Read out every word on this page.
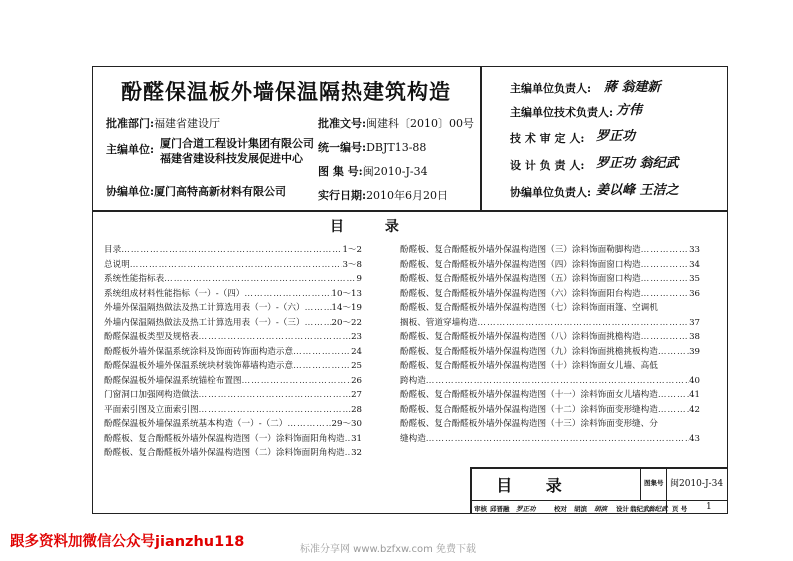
酚醛保温板外墙保温隔热建筑构造
批准部门:福建省建设厅
主编单位: 厦门合道工程设计集团有限公司
福建省建设科技发展促进中心
协编单位:厦门高特高新材料有限公司
批准文号:闽建科〔2010〕00号
统一编号:DBJT13-88
图 集 号:闽2010-J-34
实行日期:2010年6月20日
主编单位负责人: 蔣 翁建新
主编单位技术负责人: 方伟
技 术 审 定 人: 罗正功
设 计 负 责 人: 罗正功 翁纪武
协编单位负责人: 姜以峰 王洁之
目 录
目录 ……………………………………………………………………………………………………………………………………………………	1～2
总说明 ……………………………………………………………………………………………………………………………………………………	3～8
系统性能指标表 ……………………………………………………………………………………………………………………………………………………	9
系统组成材料性能指标（一）-（四） ……………………………………………………………………………………………………………………………………………………	10～13
外墙外保温隔热做法及热工计算选用表（一）-（六） ……………………………………………………………………………………………………………………………………………………	14～19
外墙内保温隔热做法及热工计算选用表（一）-（三） ……………………………………………………………………………………………………………………………………………………	20～22
酚醛保温板类型及规格表 ……………………………………………………………………………………………………………………………………………………	23
酚醛板外墙外保温系统涂料及饰面砖饰面构造示意 ……………………………………………………………………………………………………………………………………………………	24
酚醛保温板外墙外保温系统块材装饰幕墙构造示意 ……………………………………………………………………………………………………………………………………………………	25
酚醛保温板外墙保温系统锚栓布置图 ……………………………………………………………………………………………………………………………………………………	26
门窗洞口加强网构造做法 ……………………………………………………………………………………………………………………………………………………	27
平面索引图及立面索引图 ……………………………………………………………………………………………………………………………………………………	28
酚醛保温板外墙保温系统基本构造（一）-（二） ……………………………………………………………………………………………………………………………………………………	29～30
酚醛板、复合酚醛板外墙外保温构造图（一）涂料饰面阳角构造 …………………………………………………………………………………………………………………………………………………… 31
酚醛板、复合酚醛板外墙外保温构造图（二）涂料饰面阴角构造 …………………………………………………………………………………………………………………………………………………… 32
酚醛板、复合酚醛板外墙外保温构造图（三）涂料饰面勒脚构造 ……………………………………………………………………………………………………………………………………………………	33
酚醛板、复合酚醛板外墙外保温构造图（四）涂料饰面窗口构造 ……………………………………………………………………………………………………………………………………………………	34
酚醛板、复合酚醛板外墙外保温构造图（五）涂料饰面窗口构造 ……………………………………………………………………………………………………………………………………………………	35
酚醛板、复合酚醛板外墙外保温构造图（六）涂料饰面阳台构造 ……………………………………………………………………………………………………………………………………………………	36
酚醛板、复合酚醛板外墙外保温构造图（七）涂料饰面雨篷、空调机
搁板、管道穿墙构造 ……………………………………………………………………………………………………………………………………………………	37
酚醛板、复合酚醛板外墙外保温构造图（八）涂料饰面挑檐构造 ……………………………………………………………………………………………………………………………………………………	38
酚醛板、复合酚醛板外墙外保温构造图（九）涂料饰面挑檐挑板构造 ……………………………………………………………………………………………………………………………………………………	39
酚醛板、复合酚醛板外墙外保温构造图（十）涂料饰面女儿墙、高低
跨构造 ……………………………………………………………………………………………………………………………………………………	40
酚醛板、复合酚醛板外墙外保温构造图（十一）涂料饰面女儿墙构造 ……………………………………………………………………………………………………………………………………………………	41
酚醛板、复合酚醛板外墙外保温构造图（十二）涂料饰面变形缝构造 ……………………………………………………………………………………………………………………………………………………	42
酚醛板、复合酚醛板外墙外保温构造图（十三）涂料饰面变形缝、分
缝构造 ……………………………………………………………………………………………………………………………………………………	43
目 录	图集号 闽2010-J-34
审核 邱晋融 罗正功	校对 胡滨 胡滨 设计 翁纪武
翁纪武 页 号 1
跟多资料加微信公众号jianzhu118	标准分享网 www.bzfxw.com 免费下载
